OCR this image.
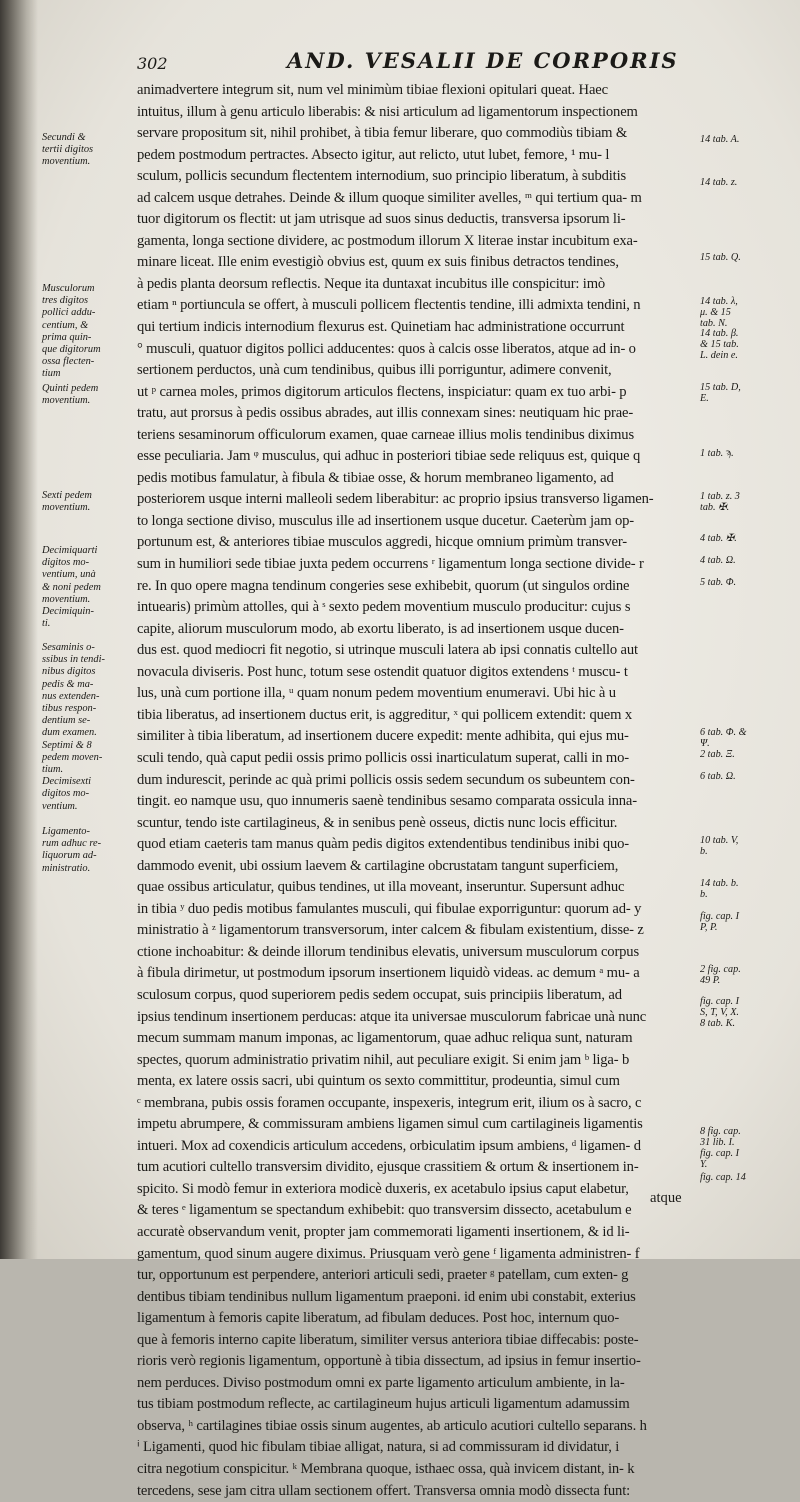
302	AND. VESALII DE CORPORIS
Secundi &
tertii digitos
moventium.
Musculorum
tres digitos
pollici addu-
centium, &
prima quin-
que digitorum
ossa flecten-
tium
Quinti pedem
moventium.
Sexti pedem
moventium.
Decimiquarti
digitos mo-
ventium, unà
& noni pedem
moventium.
Decimiquin-
ti.
Sesaminis o-
ssibus in tendi-
nibus digitos
pedis & ma-
nus extenden-
tibus respon-
dentium se-
dum examen.
Septimi & 8
pedem moven-
tium.
Decimisexti
digitos mo-
ventium.
Ligamento-
rum adhuc re-
liquorum ad-
ministratio.
animadvertere integrum sit, num vel minimùm tibiae flexioni opitulari queat. Haec
intuitus, illum à genu articulo liberabis: & nisi articulum ad ligamentorum inspectionem
servare propositum sit, nihil prohibet, à tibia femur liberare, quo commodiùs tibiam &
pedem postmodum pertractes. Absecto igitur, aut relicto, utut lubet, femore, ¹ mu- l
sculum, pollicis secundum flectentem internodium, suo principio liberatum, à subditis
ad calcem usque detrahes. Deinde & illum quoque similiter avelles, ᵐ qui tertium qua- m
tuor digitorum os flectit: ut jam utrisque ad suos sinus deductis, transversa ipsorum li-
gamenta, longa sectione dividere, ac postmodum illorum X literae instar incubitum exa-
minare liceat. Ille enim evestigiò obvius est, quum ex suis finibus detractos tendines,
à pedis planta deorsum reflectis. Neque ita duntaxat incubitus ille conspicitur: imò
etiam ⁿ portiuncula se offert, à musculi pollicem flectentis tendine, illi admixta tendini, n
qui tertium indicis internodium flexurus est. Quinetiam hac administratione occurrunt
° musculi, quatuor digitos pollici adducentes: quos à calcis osse liberatos, atque ad in- o
sertionem perductos, unà cum tendinibus, quibus illi porriguntur, adimere convenit,
ut ᵖ carnea moles, primos digitorum articulos flectens, inspiciatur: quam ex tuo arbi- p
tratu, aut prorsus à pedis ossibus abrades, aut illis connexam sines: neutiquam hic prae-
teriens sesaminorum officulorum examen, quae carneae illius molis tendinibus diximus
esse peculiaria. Jam ᵠ musculus, qui adhuc in posteriori tibiae sede reliquus est, quique q
pedis motibus famulatur, à fibula & tibiae osse, & horum membraneo ligamento, ad
posteriorem usque interni malleoli sedem liberabitur: ac proprio ipsius transverso ligamen-
to longa sectione diviso, musculus ille ad insertionem usque ducetur. Caeterùm jam op-
portunum est, & anteriores tibiae musculos aggredi, hicque omnium primùm transver-
sum in humiliori sede tibiae juxta pedem occurrens ʳ ligamentum longa sectione divide- r
re. In quo opere magna tendinum congeries sese exhibebit, quorum (ut singulos ordine
intuearis) primùm attolles, qui à ˢ sexto pedem moventium musculo producitur: cujus s
capite, aliorum musculorum modo, ab exortu liberato, is ad insertionem usque ducen-
dus est. quod mediocri fit negotio, si utrinque musculi latera ab ipsi connatis cultello aut
novacula diviseris. Post hunc, totum sese ostendit quatuor digitos extendens ᵗ muscu- t
lus, unà cum portione illa, ᵘ quam nonum pedem moventium enumeravi. Ubi hic à u
tibia liberatus, ad insertionem ductus erit, is aggreditur, ˣ qui pollicem extendit: quem x
similiter à tibia liberatum, ad insertionem ducere expedit: mente adhibita, qui ejus mu-
sculi tendo, quà caput pedii ossis primo pollicis ossi inarticulatum superat, calli in mo-
dum indurescit, perinde ac quà primi pollicis ossis sedem secundum os subeuntem con-
tingit. eo namque usu, quo innumeris saenè tendinibus sesamo comparata ossicula inna-
scuntur, tendo iste cartilagineus, & in senibus penè osseus, dictis nunc locis efficitur.
quod etiam caeteris tam manus quàm pedis digitos extendentibus tendinibus inibi quo-
dammodo evenit, ubi ossium laevem & cartilagine obcrustatam tangunt superficiem,
quae ossibus articulatur, quibus tendines, ut illa moveant, inseruntur. Supersunt adhuc
in tibia ʸ duo pedis motibus famulantes musculi, qui fibulae exporriguntur: quorum ad- y
ministratio à ᶻ ligamentorum transversorum, inter calcem & fibulam existentium, disse- z
ctione inchoabitur: & deinde illorum tendinibus elevatis, universum musculorum corpus
à fibula dirimetur, ut postmodum ipsorum insertionem liquidò videas. ac demum ᵃ mu- a
sculosum corpus, quod superiorem pedis sedem occupat, suis principiis liberatum, ad
ipsius tendinum insertionem perducas: atque ita universae musculorum fabricae unà nunc
mecum summam manum imponas, ac ligamentorum, quae adhuc reliqua sunt, naturam
spectes, quorum administratio privatim nihil, aut peculiare exigit. Si enim jam ᵇ liga- b
menta, ex latere ossis sacri, ubi quintum os sexto committitur, prodeuntia, simul cum
ᶜ membrana, pubis ossis foramen occupante, inspexeris, integrum erit, ilium os à sacro, c
impetu abrumpere, & commissuram ambiens ligamen simul cum cartilagineis ligamentis
intueri. Mox ad coxendicis articulum accedens, orbiculatim ipsum ambiens, ᵈ ligamen- d
tum acutiori cultello transversim dividito, ejusque crassitiem & ortum & insertionem in-
spicito. Si modò femur in exteriora modicè duxeris, ex acetabulo ipsius caput elabetur,
& teres ᵉ ligamentum se spectandum exhibebit: quo transversim dissecto, acetabulum e
accuratè observandum venit, propter jam commemorati ligamenti insertionem, & id li-
gamentum, quod sinum augere diximus. Priusquam verò gene ᶠ ligamenta administren- f
tur, opportunum est perpendere, anteriori articuli sedi, praeter ᵍ patellam, cum exten- g
dentibus tibiam tendinibus nullum ligamentum praeponi. id enim ubi constabit, exterius
ligamentum à femoris capite liberatum, ad fibulam deduces. Post hoc, internum quo-
que à femoris interno capite liberatum, similiter versus anteriora tibiae diffecabis: poste-
rioris verò regionis ligamentum, opportunè à tibia dissectum, ad ipsius in femur insertio-
nem perduces. Diviso postmodum omni ex parte ligamento articulum ambiente, in la-
tus tibiam postmodum reflecte, ac cartilagineum hujus articuli ligamentum adamussim
observa, ʰ cartilagines tibiae ossis sinum augentes, ab articulo acutiori cultello separans. h
ⁱ Ligamenti, quod hic fibulam tibiae alligat, natura, si ad commissuram id dividatur, i
citra negotium conspicitur. ᵏ Membrana quoque, isthaec ossa, quà invicem distant, in- k
tercedens, sese jam citra ullam sectionem offert. Transversa omnia modò dissecta funt:
14 tab. A.
14 tab. z.
15 tab. Q.
14 tab. λ,
μ. & 15
tab. N.
14 tab. β.
& 15 tab.
L. dein e.
15 tab. D,
E.
1 tab. ϡ.
1 tab. z. 3
tab. ✠.
4 tab. ✠.
4 tab. Ω.
5 tab. Φ.
6 tab. Φ. &
Ψ.
2 tab. Ξ.
6 tab. Ω.
10 tab. V,
b.
14 tab. b.
b.
fig. cap. I
P, P.
2 fig. cap.
49 P.
fig. cap. I
S, T, V, X.
8 tab. K.
8 fig. cap.
31 lib. I.
fig. cap. I
Y.
fig. cap. 14
atque
